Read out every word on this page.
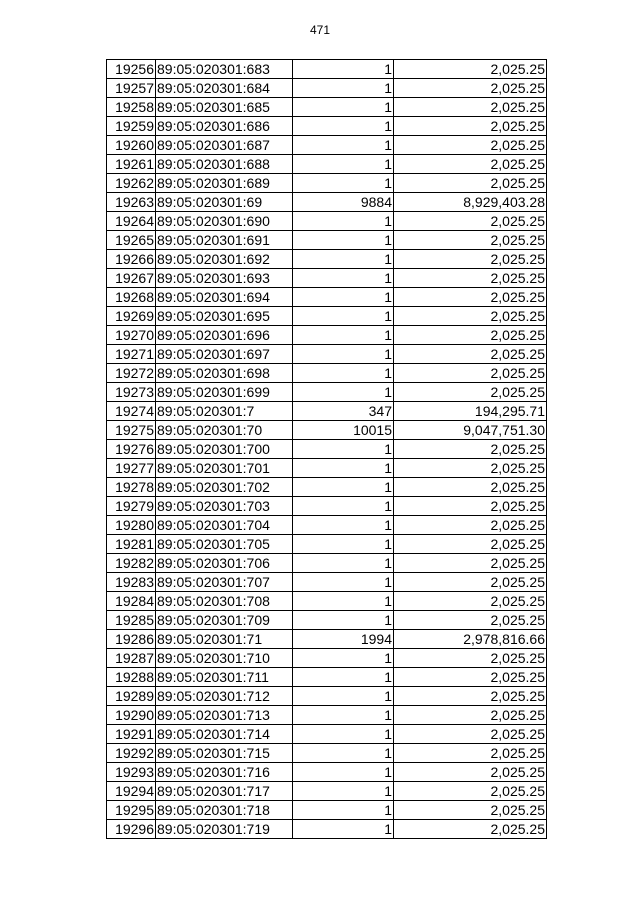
471
19256	89:05:020301:683	1	2,025.25
19257	89:05:020301:684	1	2,025.25
19258	89:05:020301:685	1	2,025.25
19259	89:05:020301:686	1	2,025.25
19260	89:05:020301:687	1	2,025.25
19261	89:05:020301:688	1	2,025.25
19262	89:05:020301:689	1	2,025.25
19263	89:05:020301:69	9884	8,929,403.28
19264	89:05:020301:690	1	2,025.25
19265	89:05:020301:691	1	2,025.25
19266	89:05:020301:692	1	2,025.25
19267	89:05:020301:693	1	2,025.25
19268	89:05:020301:694	1	2,025.25
19269	89:05:020301:695	1	2,025.25
19270	89:05:020301:696	1	2,025.25
19271	89:05:020301:697	1	2,025.25
19272	89:05:020301:698	1	2,025.25
19273	89:05:020301:699	1	2,025.25
19274	89:05:020301:7	347	194,295.71
19275	89:05:020301:70	10015	9,047,751.30
19276	89:05:020301:700	1	2,025.25
19277	89:05:020301:701	1	2,025.25
19278	89:05:020301:702	1	2,025.25
19279	89:05:020301:703	1	2,025.25
19280	89:05:020301:704	1	2,025.25
19281	89:05:020301:705	1	2,025.25
19282	89:05:020301:706	1	2,025.25
19283	89:05:020301:707	1	2,025.25
19284	89:05:020301:708	1	2,025.25
19285	89:05:020301:709	1	2,025.25
19286	89:05:020301:71	1994	2,978,816.66
19287	89:05:020301:710	1	2,025.25
19288	89:05:020301:711	1	2,025.25
19289	89:05:020301:712	1	2,025.25
19290	89:05:020301:713	1	2,025.25
19291	89:05:020301:714	1	2,025.25
19292	89:05:020301:715	1	2,025.25
19293	89:05:020301:716	1	2,025.25
19294	89:05:020301:717	1	2,025.25
19295	89:05:020301:718	1	2,025.25
19296	89:05:020301:719	1	2,025.25
